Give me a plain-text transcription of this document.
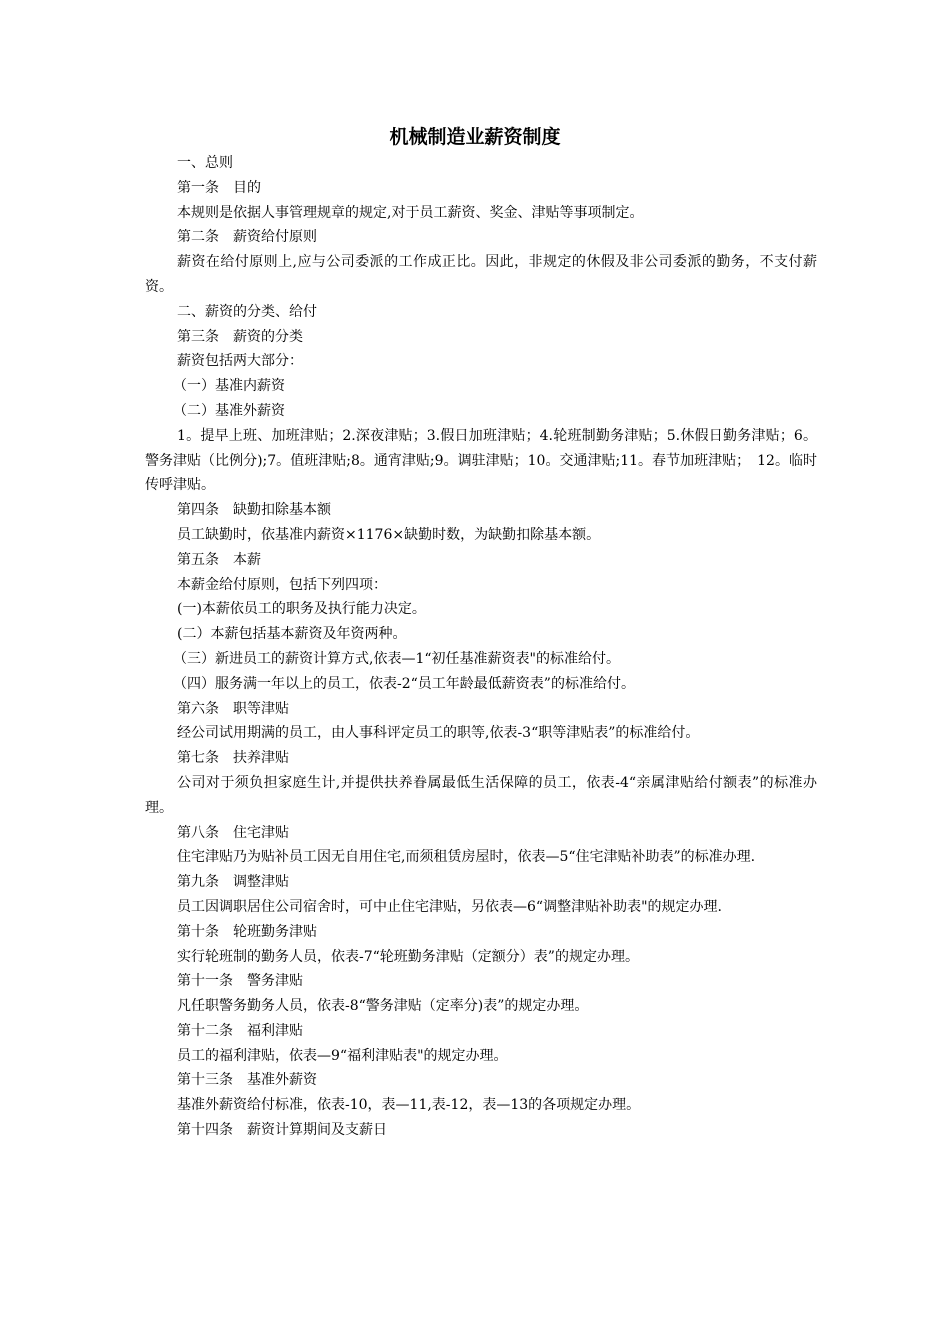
机械制造业薪资制度

一、总则

第一条　目的

本规则是依据人事管理规章的规定,对于员工薪资、奖金、津贴等事项制定。

第二条　薪资给付原则

薪资在给付原则上,应与公司委派的工作成正比。因此，非规定的休假及非公司委派的勤务，不支付薪资。

二、薪资的分类、给付

第三条　薪资的分类

薪资包括两大部分：

（一）基准内薪资

（二）基准外薪资

1。提早上班、加班津贴；2.深夜津贴；3.假日加班津贴；4.轮班制勤务津贴；5.休假日勤务津贴；6。警务津贴（比例分);7。值班津贴;8。通宵津贴;9。调驻津贴；10。交通津贴;11。春节加班津贴；　12。临时传呼津贴。

第四条　缺勤扣除基本额

员工缺勤时，依基准内薪资×1176×缺勤时数，为缺勤扣除基本额。

第五条　本薪

本薪金给付原则，包括下列四项：

(一)本薪依员工的职务及执行能力决定。

(二）本薪包括基本薪资及年资两种。

（三）新进员工的薪资计算方式,依表—1“初任基准薪资表"的标准给付。

（四）服务满一年以上的员工，依表-2“员工年龄最低薪资表”的标准给付。

第六条　职等津贴

经公司试用期满的员工，由人事科评定员工的职等,依表-3“职等津贴表”的标准给付。

第七条　扶养津贴

公司对于须负担家庭生计,并提供扶养眷属最低生活保障的员工，依表-4“亲属津贴给付额表”的标准办理。

第八条　住宅津贴

住宅津贴乃为贴补员工因无自用住宅,而须租赁房屋时，依表—5“住宅津贴补助表”的标准办理.

第九条　调整津贴

员工因调职居住公司宿舍时，可中止住宅津贴，另依表—6“调整津贴补助表"的规定办理.

第十条　轮班勤务津贴

实行轮班制的勤务人员，依表-7“轮班勤务津贴（定额分）表”的规定办理。

第十一条　警务津贴

凡任职警务勤务人员，依表-8“警务津贴（定率分)表”的规定办理。

第十二条　福利津贴

员工的福利津贴，依表—9“福利津贴表"的规定办理。

第十三条　基准外薪资

基准外薪资给付标准，依表-10，表—11,表-12，表—13的各项规定办理。

第十四条　薪资计算期间及支薪日
